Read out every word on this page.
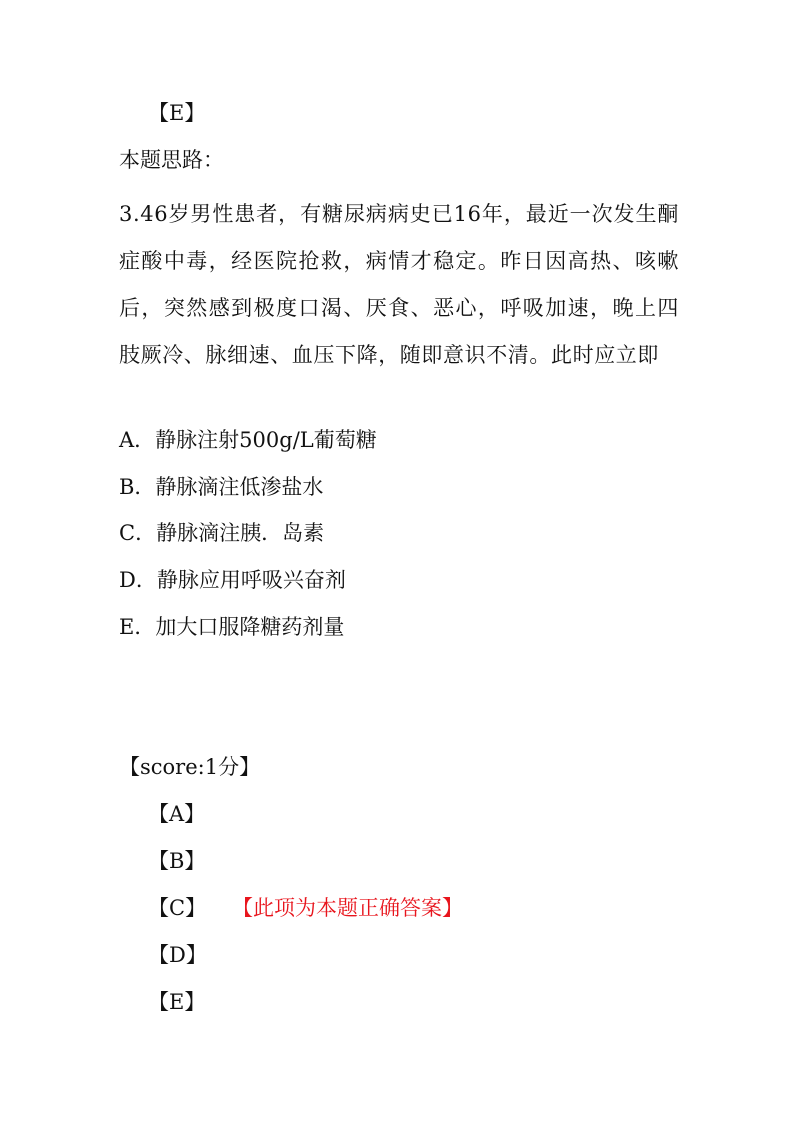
【E】
本题思路：
3.46岁男性患者，有糖尿病病史已16年，最近一次发生酮症酸中毒，经医院抢救，病情才稳定。昨日因高热、咳嗽后，突然感到极度口渴、厌食、恶心，呼吸加速，晚上四肢厥冷、脉细速、血压下降，随即意识不清。此时应立即
A．静脉注射500g/L葡萄糖
B．静脉滴注低渗盐水
C．静脉滴注胰．岛素
D．静脉应用呼吸兴奋剂
E．加大口服降糖药剂量
【score:1分】
【A】
【B】
【C】 【此项为本题正确答案】
【D】
【E】
